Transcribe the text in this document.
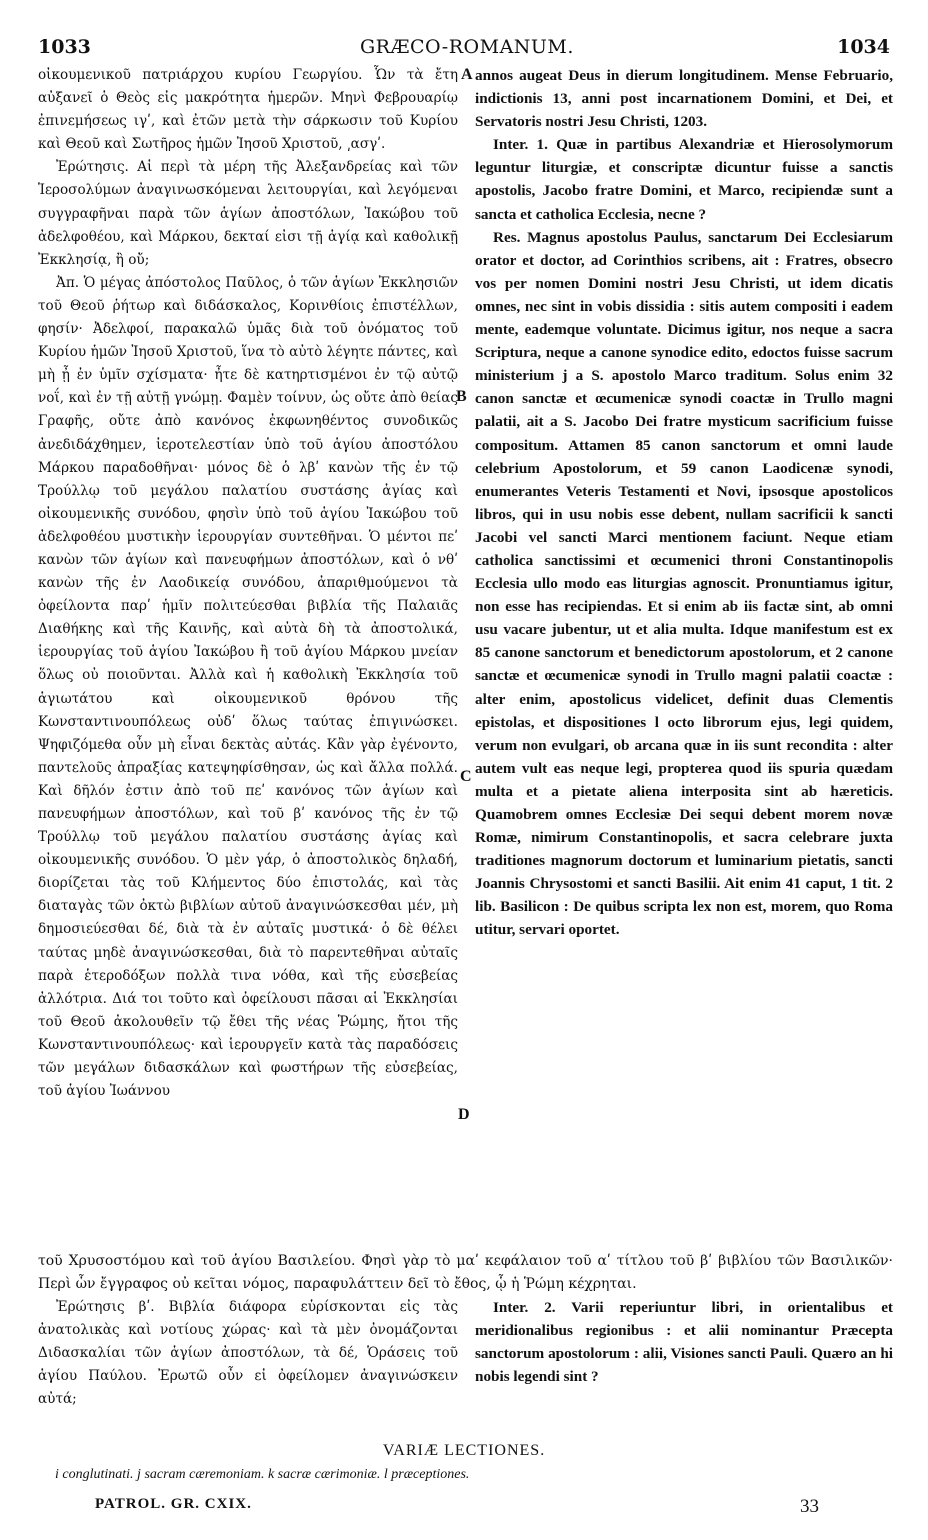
1033	GRÆCO-ROMANUM.	1034

οἰκουμενικοῦ πατριάρχου κυρίου Γεωργίου. Ὧν τὰ ἔτη αὐξανεῖ ὁ Θεὸς εἰς μακρότητα ἡμερῶν. Μηνὶ Φεβρουαρίῳ ἐπινεμήσεως ιγʹ, καὶ ἐτῶν μετὰ τὴν σάρκωσιν τοῦ Κυρίου καὶ Θεοῦ καὶ Σωτῆρος ἡμῶν Ἰησοῦ Χριστοῦ, ͵ασγʹ.

Ἐρώτησις. Αἱ περὶ τὰ μέρη τῆς Ἀλεξανδρείας καὶ τῶν Ἱεροσολύμων ἀναγινωσκόμεναι λειτουργίαι, καὶ λεγόμεναι συγγραφῆναι παρὰ τῶν ἁγίων ἀποστόλων, Ἰακώβου τοῦ ἀδελφοθέου, καὶ Μάρκου, δεκταί εἰσι τῇ ἁγίᾳ καὶ καθολικῇ Ἐκκλησίᾳ, ἢ οὔ;

Ἀπ. Ὁ μέγας ἀπόστολος Παῦλος, ὁ τῶν ἁγίων Ἐκκλησιῶν τοῦ Θεοῦ ῥήτωρ καὶ διδάσκαλος, Κορινθίοις ἐπιστέλλων, φησίν· Ἀδελφοί, παρακαλῶ ὑμᾶς διὰ τοῦ ὀνόματος τοῦ Κυρίου ἡμῶν Ἰησοῦ Χριστοῦ, ἵνα τὸ αὐτὸ λέγητε πάντες, καὶ μὴ ᾖ ἐν ὑμῖν σχίσματα· ἦτε δὲ κατηρτισμένοι ἐν τῷ αὐτῷ νοΐ, καὶ ἐν τῇ αὐτῇ γνώμῃ. Φαμὲν τοίνυν, ὡς οὔτε ἀπὸ θείας Γραφῆς, οὔτε ἀπὸ κανόνος ἐκφωνηθέντος συνοδικῶς ἀνεδιδάχθημεν, ἱεροτελεστίαν ὑπὸ τοῦ ἁγίου ἀποστόλου Μάρκου παραδοθῆναι· μόνος δὲ ὁ λβʹ κανὼν τῆς ἐν τῷ Τρούλλῳ τοῦ μεγάλου παλατίου συστάσης ἁγίας καὶ οἰκουμενικῆς συνόδου, φησὶν ὑπὸ τοῦ ἁγίου Ἰακώβου τοῦ ἀδελφοθέου μυστικὴν ἱερουργίαν συντεθῆναι. Ὁ μέντοι πεʹ κανὼν τῶν ἁγίων καὶ πανευφήμων ἀποστόλων, καὶ ὁ νθʹ κανὼν τῆς ἐν Λαοδικείᾳ συνόδου, ἀπαριθμούμενοι τὰ ὀφείλοντα παρʹ ἡμῖν πολιτεύεσθαι βιβλία τῆς Παλαιᾶς Διαθήκης καὶ τῆς Καινῆς, καὶ αὐτὰ δὴ τὰ ἀποστολικά, ἱερουργίας τοῦ ἁγίου Ἰακώβου ἢ τοῦ ἁγίου Μάρκου μνείαν ὅλως οὐ ποιοῦνται. Ἀλλὰ καὶ ἡ καθολικὴ Ἐκκλησία τοῦ ἁγιωτάτου καὶ οἰκουμενικοῦ θρόνου τῆς Κωνσταντινουπόλεως οὐδʹ ὅλως ταύτας ἐπιγινώσκει. Ψηφιζόμεθα οὖν μὴ εἶναι δεκτὰς αὐτάς. Κἂν γὰρ ἐγένοντο, παντελοῦς ἀπραξίας κατεψηφίσθησαν, ὡς καὶ ἄλλα πολλά. Καὶ δῆλόν ἐστιν ἀπὸ τοῦ πεʹ κανόνος τῶν ἁγίων καὶ πανευφήμων ἀποστόλων, καὶ τοῦ βʹ κανόνος τῆς ἐν τῷ Τρούλλῳ τοῦ μεγάλου παλατίου συστάσης ἁγίας καὶ οἰκουμενικῆς συνόδου. Ὁ μὲν γάρ, ὁ ἀποστολικὸς δηλαδή, διορίζεται τὰς τοῦ Κλήμεντος δύο ἐπιστολάς, καὶ τὰς διαταγὰς τῶν ὀκτὼ βιβλίων αὐτοῦ ἀναγινώσκεσθαι μέν, μὴ δημοσιεύεσθαι δέ, διὰ τὰ ἐν αὐταῖς μυστικά· ὁ δὲ θέλει ταύτας μηδὲ ἀναγινώσκεσθαι, διὰ τὸ παρεντεθῆναι αὐταῖς παρὰ ἑτεροδόξων πολλὰ τινα νόθα, καὶ τῆς εὐσεβείας ἀλλότρια. Διά τοι τοῦτο καὶ ὀφείλουσι πᾶσαι αἱ Ἐκκλησίαι τοῦ Θεοῦ ἀκολουθεῖν τῷ ἔθει τῆς νέας Ῥώμης, ἤτοι τῆς Κωνσταντινουπόλεως· καὶ ἱερουργεῖν κατὰ τὰς παραδόσεις τῶν μεγάλων διδασκάλων καὶ φωστήρων τῆς εὐσεβείας, τοῦ ἁγίου Ἰωάννου

annos augeat Deus in dierum longitudinem. Mense Februario, indictionis 13, anni post incarnationem Domini, et Dei, et Servatoris nostri Jesu Christi, 1203.

Inter. 1. Quæ in partibus Alexandriæ et Hierosolymorum leguntur liturgiæ, et conscriptæ dicuntur fuisse a sanctis apostolis, Jacobo fratre Domini, et Marco, recipiendæ sunt a sancta et catholica Ecclesia, necne ?

Res. Magnus apostolus Paulus, sanctarum Dei Ecclesiarum orator et doctor, ad Corinthios scribens, ait : Fratres, obsecro vos per nomen Domini nostri Jesu Christi, ut idem dicatis omnes, nec sint in vobis dissidia : sitis autem compositi i eadem mente, eademque voluntate. Dicimus igitur, nos neque a sacra Scriptura, neque a canone synodice edito, edoctos fuisse sacrum ministerium j a S. apostolo Marco traditum. Solus enim 32 canon sanctæ et œcumenicæ synodi coactæ in Trullo magni palatii, ait a S. Jacobo Dei fratre mysticum sacrificium fuisse compositum. Attamen 85 canon sanctorum et omni laude celebrium Apostolorum, et 59 canon Laodicenæ synodi, enumerantes Veteris Testamenti et Novi, ipsosque apostolicos libros, qui in usu nobis esse debent, nullam sacrificii k sancti Jacobi vel sancti Marci mentionem faciunt. Neque etiam catholica sanctissimi et œcumenici throni Constantinopolis Ecclesia ullo modo eas liturgias agnoscit. Pronuntiamus igitur, non esse has recipiendas. Et si enim ab iis factæ sint, ab omni usu vacare jubentur, ut et alia multa. Idque manifestum est ex 85 canone sanctorum et benedictorum apostolorum, et 2 canone sanctæ et œcumenicæ synodi in Trullo magni palatii coactæ : alter enim, apostolicus videlicet, definit duas Clementis epistolas, et dispositiones l octo librorum ejus, legi quidem, verum non evulgari, ob arcana quæ in iis sunt recondita : alter autem vult eas neque legi, propterea quod iis spuria quædam multa et a pietate aliena interposita sint ab hæreticis. Quamobrem omnes Ecclesiæ Dei sequi debent morem novæ Romæ, nimirum Constantinopolis, et sacra celebrare juxta traditiones magnorum doctorum et luminarium pietatis, sancti Joannis Chrysostomi et sancti Basilii. Ait enim 41 caput, 1 tit. 2 lib. Basilicon : De quibus scripta lex non est, morem, quo Roma utitur, servari oportet.

A
B
C
D
τοῦ Χρυσοστόμου καὶ τοῦ ἁγίου Βασιλείου. Φησὶ γὰρ τὸ μαʹ κεφάλαιον τοῦ αʹ τίτλου τοῦ βʹ βιβλίου τῶν Βασιλικῶν· Περὶ ὧν ἔγγραφος οὐ κεῖται νόμος, παραφυλάττειν δεῖ τὸ ἔθος, ᾧ ἡ Ῥώμη κέχρηται.
Ἐρώτησις βʹ. Βιβλία διάφορα εὑρίσκονται εἰς τὰς ἀνατολικὰς καὶ νοτίους χώρας· καὶ τὰ μὲν ὀνομάζονται Διδασκαλίαι τῶν ἁγίων ἀποστόλων, τὰ δέ, Ὁράσεις τοῦ ἁγίου Παύλου. Ἐρωτῶ οὖν εἰ ὀφείλομεν ἀναγινώσκειν αὐτά;
Inter. 2. Varii reperiuntur libri, in orientalibus et meridionalibus regionibus : et alii nominantur Præcepta sanctorum apostolorum : alii, Visiones sancti Pauli. Quæro an hi nobis legendi sint ?
VARIÆ LECTIONES.
i conglutinati. j sacram cæremoniam. k sacræ cærimoniæ. l præceptiones.
PATROL. GR. CXIX.	33
